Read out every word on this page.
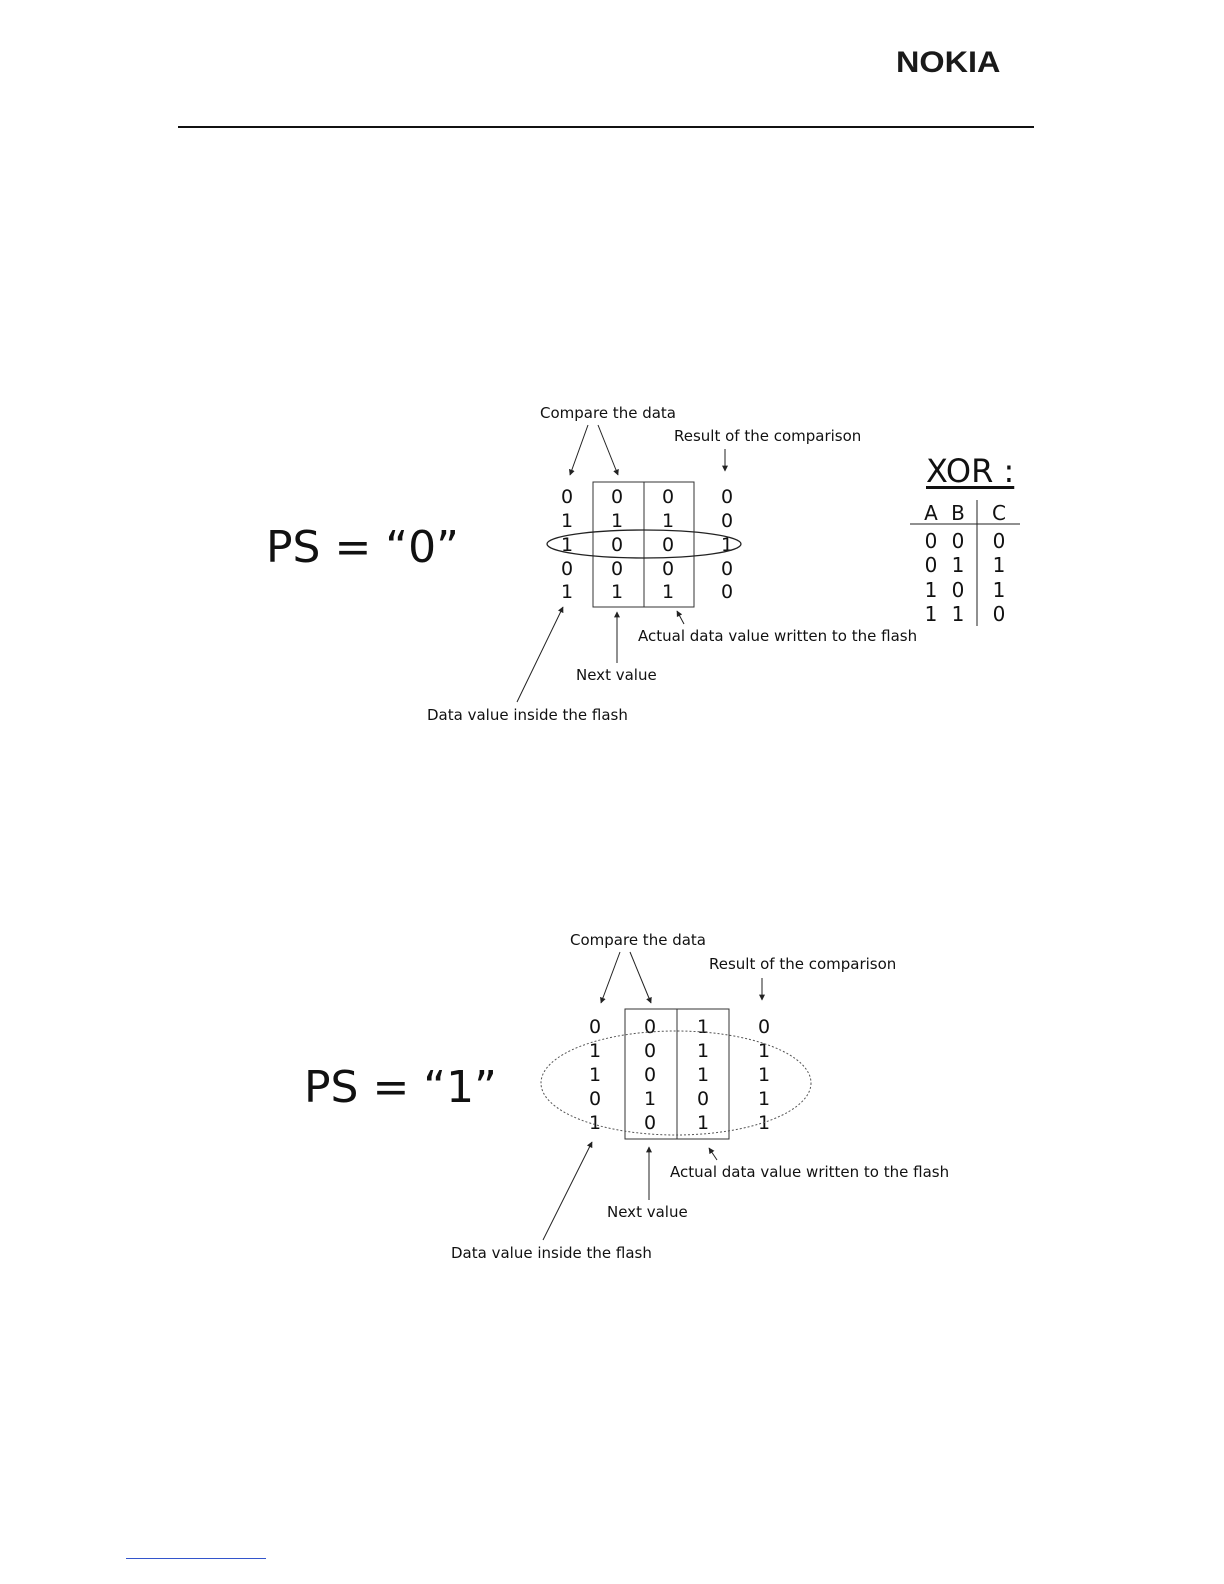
NOKIA
PS = “0”
Compare the data
Result of the comparison
Actual data value written to the flash
Next value
Data value inside the flash
0
1
1
0
1
0
1
0
0
1
0
1
0
0
1
0
0
1
0
0
PS = “1”
Compare the data
Result of the comparison
Actual data value written to the flash
Next value
Data value inside the flash
0
1
1
0
1
0
0
0
1
0
1
1
1
0
1
0
1
1
1
1
XOR :
A B C
0 0 0
0 1 1
1 0 1
1 1 0
